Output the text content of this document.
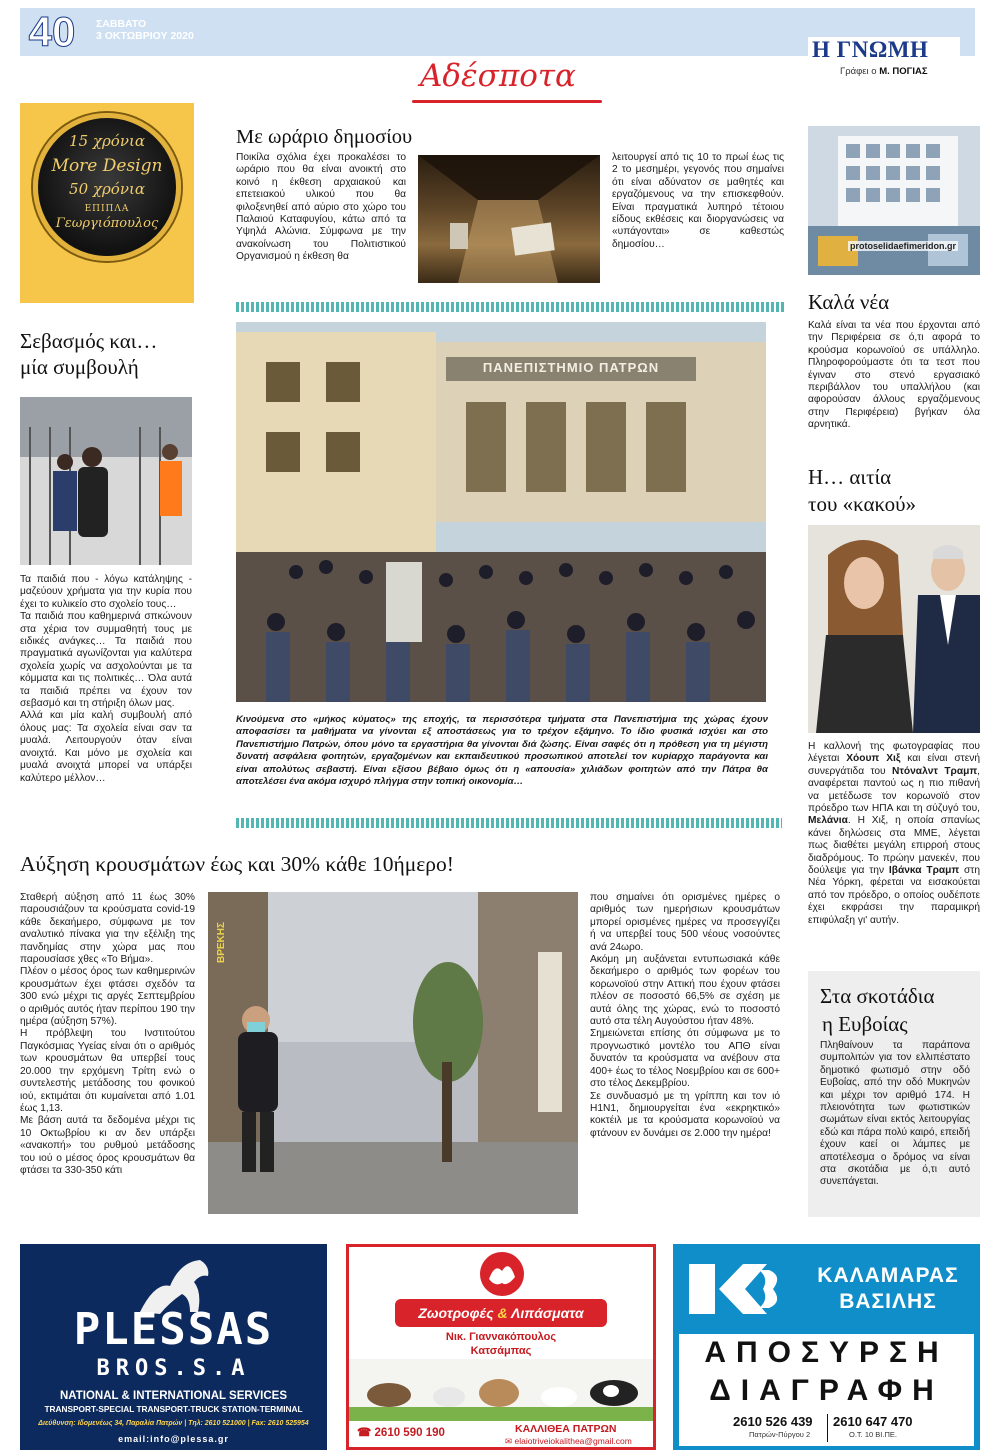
40	ΣΑΒΒΑΤΟ
3 ΟΚΤΩΒΡΙΟΥ 2020
Η ΓΝΩΜΗ
Γράφει ο Μ. ΠΟΓΙΑΣ
Αδέσποτα
15 χρόνια
More Design
50 χρόνια
ΕΠΙΠΛΑ
Γεωργιόπουλος
Με ωράριο δημοσίου
Ποικίλα σχόλια έχει προκαλέσει το ωράριο που θα είναι ανοικτή στο κοινό η έκθεση αρχαιακού και επετειακού υλικού που θα φιλοξενηθεί από αύριο στο χώρο του Παλαιού Καταφυγίου, κάτω από τα Υψηλά Αλώνια. Σύμφωνα με την ανακοίνωση του Πολιτιστικού Οργανισμού η έκθεση θα
λειτουργεί από τις 10 το πρωί έως τις 2 το μεσημέρι, γεγονός που σημαίνει ότι είναι αδύνατον σε μαθητές και εργαζόμενους να την επισκεφθούν. Είναι πραγματικά λυπηρό τέτοιου είδους εκθέσεις και διοργανώσεις να «υπάγονται» σε καθεστώς δημοσίου…	protoselidaefimeridon.gr
Καλά νέα
Καλά είναι τα νέα που έρχονται από την Περιφέρεια σε ό,τι αφορά το κρούσμα κορωνοϊού σε υπάλληλο. Πληροφορούμαστε ότι τα τεστ που έγιναν στο στενό εργασιακό περιβάλλον του υπαλλήλου (και αφορούσαν άλλους εργαζόμενους στην Περιφέρεια) βγήκαν όλα αρνητικά.
Σεβασμός και…
μία συμβουλή

Τα παιδιά που - λόγω κατάληψης - μαζεύουν χρήματα για την κυρία που έχει το κυλικείο στο σχολείο τους…

Τα παιδιά που καθημερινά σπκώνουν στα χέρια τον συμμαθητή τους με ειδικές ανάγκες… Τα παιδιά που πραγματικά αγωνίζονται για καλύτερα σχολεία χωρίς να ασχολούνται με τα κόμματα και τις πολιτικές… Όλα αυτά τα παιδιά πρέπει να έχουν τον σεβασμό και τη στήριξη όλων μας.

Αλλά και μία καλή συμβουλή από όλους μας: Τα σχολεία είναι σαν τα μυαλά. Λειτουργούν όταν είναι ανοιχτά. Και μόνο με σχολεία και μυαλά ανοιχτά μπορεί να υπάρξει καλύτερο μέλλον…

ΠΑΝΕΠΙΣΤΗΜΙΟ ΠΑΤΡΩΝ
Κινούμενα στο «μήκος κύματος» της εποχής, τα περισσότερα τμήματα στα Πανεπιστήμια της χώρας έχουν αποφασίσει τα μαθήματα να γίνονται εξ αποστάσεως για το τρέχον εξάμηνο. Το ίδιο φυσικά ισχύει και στο Πανεπιστήμιο Πατρών, όπου μόνο τα εργαστήρια θα γίνονται διά ζώσης. Είναι σαφές ότι η πρόθεση για τη μέγιστη δυνατή ασφάλεια φοιτητών, εργαζομένων και εκπαιδευτικού προσωπικού αποτελεί τον κυρίαρχο παράγοντα και είναι απολύτως σεβαστή. Είναι εξίσου βέβαιο όμως ότι η «απουσία» χιλιάδων φοιτητών από την Πάτρα θα αποτελέσει ένα ακόμα ισχυρό πλήγμα στην τοπική οικονομία…
Η… αιτία
του «κακού»
Η καλλονή της φωτογραφίας που λέγεται Χόουπ Χιξ και είναι στενή συνεργάτιδα του Ντόναλντ Τραμπ, αναφέρεται παντού ως η πιο πιθανή να μετέδωσε τον κορωνοϊό στον πρόεδρο των ΗΠΑ και τη σύζυγό του, Μελάνια. Η Χιξ, η οποία σπανίως κάνει δηλώσεις στα ΜΜΕ, λέγεται πως διαθέτει μεγάλη επιρροή στους διαδρόμους. Το πρώην μανεκέν, που δούλεψε για την Ιβάνκα Τραμπ στη Νέα Υόρκη, φέρεται να εισακούεται από τον πρόεδρο, ο οποίος ουδέποτε έχει εκφράσει την παραμικρή επιφύλαξη γι' αυτήν.
Αύξηση κρουσμάτων έως και 30% κάθε 10ήμερο!

Σταθερή αύξηση από 11 έως 30% παρουσιάζουν τα κρούσματα covid-19 κάθε δεκαήμερο, σύμφωνα με τον αναλυτικό πίνακα για την εξέλιξη της πανδημίας στην χώρα μας που παρουσίασε χθες «Το Βήμα».

Πλέον ο μέσος όρος των καθημερινών κρουσμάτων έχει φτάσει σχεδόν τα 300 ενώ μέχρι τις αργές Σεπτεμβρίου ο αριθμός αυτός ήταν περίπου 190 την ημέρα (αύξηση 57%).

Η πρόβλεψη του Ινστιτούτου Παγκόσμιας Υγείας είναι ότι ο αριθμός των κρουσμάτων θα υπερβεί τους 20.000 την ερχόμενη Τρίτη ενώ ο συντελεστής μετάδοσης του φονικού ιού, εκτιμάται ότι κυμαίνεται από 1.01 έως 1,13.

Με βάση αυτά τα δεδομένα μέχρι τις 10 Οκτωβρίου κι αν δεν υπάρξει «ανακοπή» του ρυθμού μετάδοσης του ιού ο μέσος όρος κρουσμάτων θα φτάσει τα 330-350 κάτι

ΒΡΕΚΗΣ

που σημαίνει ότι ορισμένες ημέρες ο αριθμός των ημερήσιων κρουσμάτων μπορεί ορισμένες ημέρες να προσεγγίζει ή να υπερβεί τους 500 νέους νοσούντες ανά 24ωρο.

Ακόμη μη αυξάνεται εντυπωσιακά κάθε δεκαήμερο ο αριθμός των φορέων του κορωνοϊού στην Αττική που έχουν φτάσει πλέον σε ποσοστό 66,5% σε σχέση με αυτά όλης της χώρας, ενώ το ποσοστό αυτό στα τέλη Αυγούστου ήταν 48%.

Σημειώνεται επίσης ότι σύμφωνα με το προγνωστικό μοντέλο του ΑΠΘ είναι δυνατόν τα κρούσματα να ανέβουν στα 400+ έως το τέλος Νοεμβρίου και σε 600+ στο τέλος Δεκεμβρίου.

Σε συνδυασμό με τη γρίππη και τον ιό H1N1, δημιουργείται ένα «εκρηκτικό» κοκτέιλ με τα κρούσματα κορωνοϊού να φτάνουν εν δυνάμει σε 2.000 την ημέρα!

Στα σκοτάδια
η Ευβοίας
Πληθαίνουν τα παράπονα συμπολιτών για τον ελλιπέστατο δημοτικό φωτισμό στην οδό Ευβοίας, από την οδό Μυκηνών και μέχρι τον αριθμό 174. Η πλειονότητα των φωτιστικών σωμάτων είναι εκτός λειτουργίας εδώ και πάρα πολύ καιρό, επειδή έχουν καεί οι λάμπες με αποτέλεσμα ο δρόμος να είναι στα σκοτάδια με ό,τι αυτό συνεπάγεται.
PLESSAS
BROS.S.A
NATIONAL & INTERNATIONAL SERVICES
TRANSPORT-SPECIAL TRANSPORT-TRUCK STATION-TERMINAL
Διεύθυνση: Ιδομενέως 34, Παραλία Πατρών | Τηλ: 2610 521000 | Fax: 2610 525954
email:info@plessa.gr
Ζωοτροφές & Λιπάσματα
Νικ. Γιαννακόπουλος
Κατσάμπας
☎ 2610 590 190	ΚΑΛΛΙΘΕΑ ΠΑΤΡΩΝ
✉ elaiotriveiokalithea@gmail.com
ΚΑΛΑΜΑΡΑΣ
ΒΑΣΙΛΗΣ
ΑΠΟΣΥΡΣΗ
ΔΙΑΓΡΑΦΗ
2610 526 439
Πατρών-Πύργου 2
2610 647 470
Ο.Τ. 10 ΒΙ.ΠΕ.
